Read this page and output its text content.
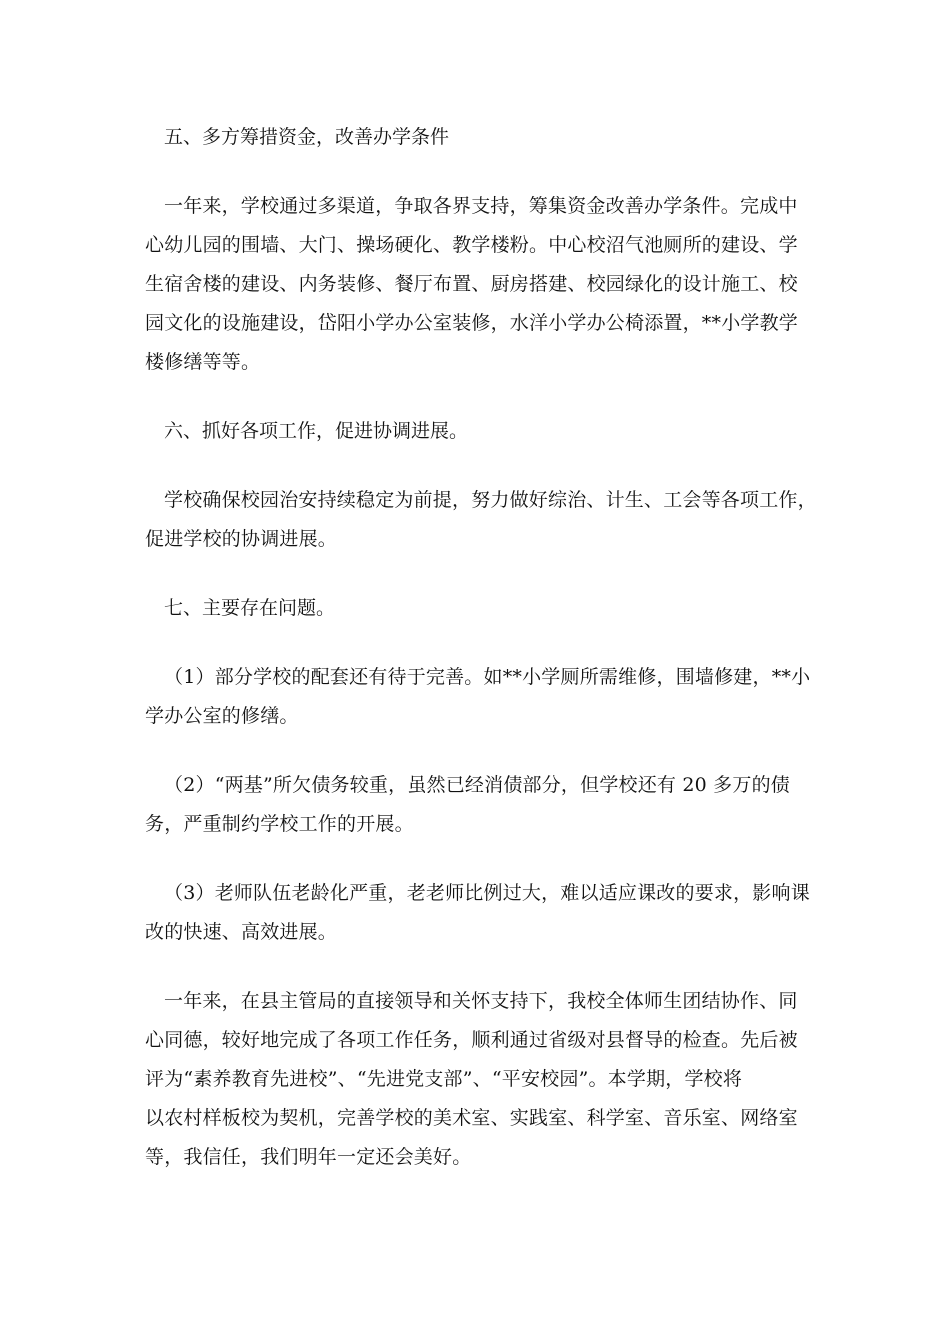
五、多方筹措资金，改善办学条件

一年来，学校通过多渠道，争取各界支持，筹集资金改善办学条件。完成中
心幼儿园的围墙、大门、操场硬化、教学楼粉。中心校沼气池厕所的建设、学
生宿舍楼的建设、内务装修、餐厅布置、厨房搭建、校园绿化的设计施工、校
园文化的设施建设，岱阳小学办公室装修，水洋小学办公椅添置，**小学教学
楼修缮等等。

六、抓好各项工作，促进协调进展。

学校确保校园治安持续稳定为前提，努力做好综治、计生、工会等各项工作，
促进学校的协调进展。

七、主要存在问题。

（1）部分学校的配套还有待于完善。如**小学厕所需维修，围墙修建，**小
学办公室的修缮。

（2）“两基”所欠债务较重，虽然已经消债部分，但学校还有 20 多万的债
务，严重制约学校工作的开展。

（3）老师队伍老龄化严重，老老师比例过大，难以适应课改的要求，影响课
改的快速、高效进展。

一年来，在县主管局的直接领导和关怀支持下，我校全体师生团结协作、同
心同德，较好地完成了各项工作任务，顺利通过省级对县督导的检查。先后被
评为“素养教育先进校”、“先进党支部”、“平安校园”。本学期，学校将
以农村样板校为契机，完善学校的美术室、实践室、科学室、音乐室、网络室
等，我信任，我们明年一定还会美好。
